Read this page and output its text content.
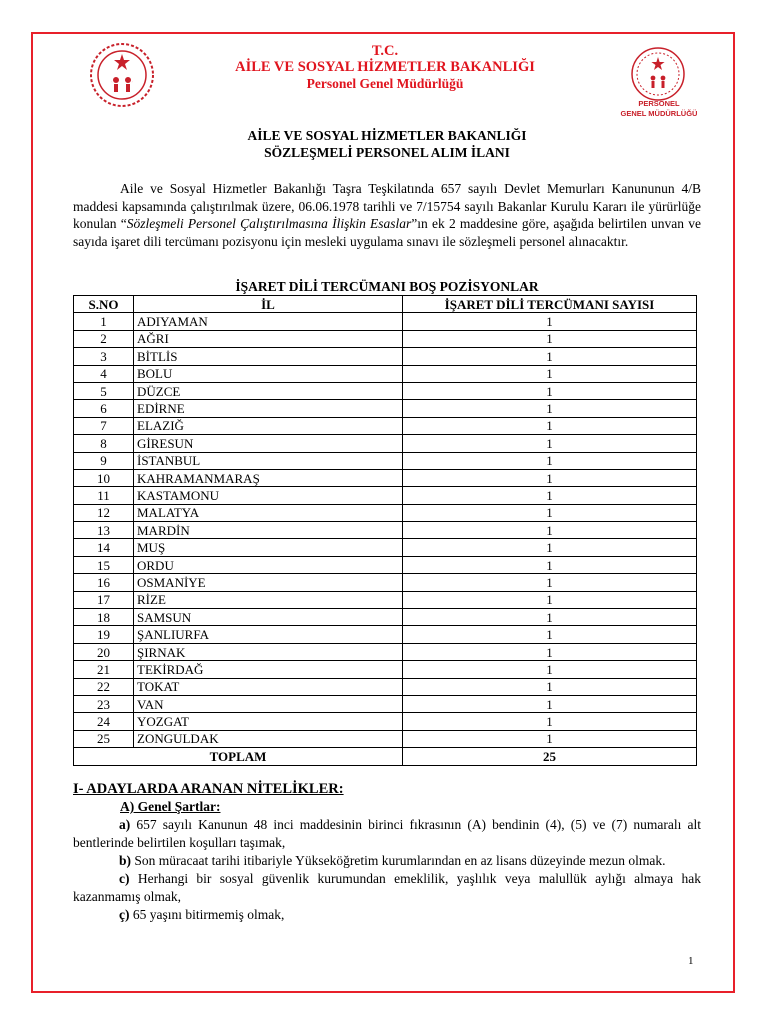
PERSONEL
GENEL MÜDÜRLÜĞÜ
T.C.
AİLE VE SOSYAL HİZMETLER BAKANLIĞI
Personel Genel Müdürlüğü
AİLE VE SOSYAL HİZMETLER BAKANLIĞI
SÖZLEŞMELİ PERSONEL ALIM İLANI
Aile ve Sosyal Hizmetler Bakanlığı Taşra Teşkilatında 657 sayılı Devlet Memurları Kanununun 4/B maddesi kapsamında çalıştırılmak üzere, 06.06.1978 tarihli ve 7/15754 sayılı Bakanlar Kurulu Kararı ile yürürlüğe konulan “Sözleşmeli Personel Çalıştırılmasına İlişkin Esaslar”ın ek 2 maddesine göre, aşağıda belirtilen unvan ve sayıda işaret dili tercümanı pozisyonu için mesleki uygulama sınavı ile sözleşmeli personel alınacaktır.
İŞARET DİLİ TERCÜMANI BOŞ POZİSYONLAR
S.NO	İL	İŞARET DİLİ TERCÜMANI SAYISI
1	ADIYAMAN	1
2	AĞRI	1
3	BİTLİS	1
4	BOLU	1
5	DÜZCE	1
6	EDİRNE	1
7	ELAZIĞ	1
8	GİRESUN	1
9	İSTANBUL	1
10	KAHRAMANMARAŞ	1
11	KASTAMONU	1
12	MALATYA	1
13	MARDİN	1
14	MUŞ	1
15	ORDU	1
16	OSMANİYE	1
17	RİZE	1
18	SAMSUN	1
19	ŞANLIURFA	1
20	ŞIRNAK	1
21	TEKİRDAĞ	1
22	TOKAT	1
23	VAN	1
24	YOZGAT	1
25	ZONGULDAK	1
TOPLAM		25
I- ADAYLARDA ARANAN NİTELİKLER:
A) Genel Şartlar:

a) 657 sayılı Kanunun 48 inci maddesinin birinci fıkrasının (A) bendinin (4), (5) ve (7) numaralı alt bentlerinde belirtilen koşulları taşımak,

b) Son müracaat tarihi itibariyle Yükseköğretim kurumlarından en az lisans düzeyinde mezun olmak.

c) Herhangi bir sosyal güvenlik kurumundan emeklilik, yaşlılık veya malullük aylığı almaya hak kazanmamış olmak,

ç) 65 yaşını bitirmemiş olmak,

1
